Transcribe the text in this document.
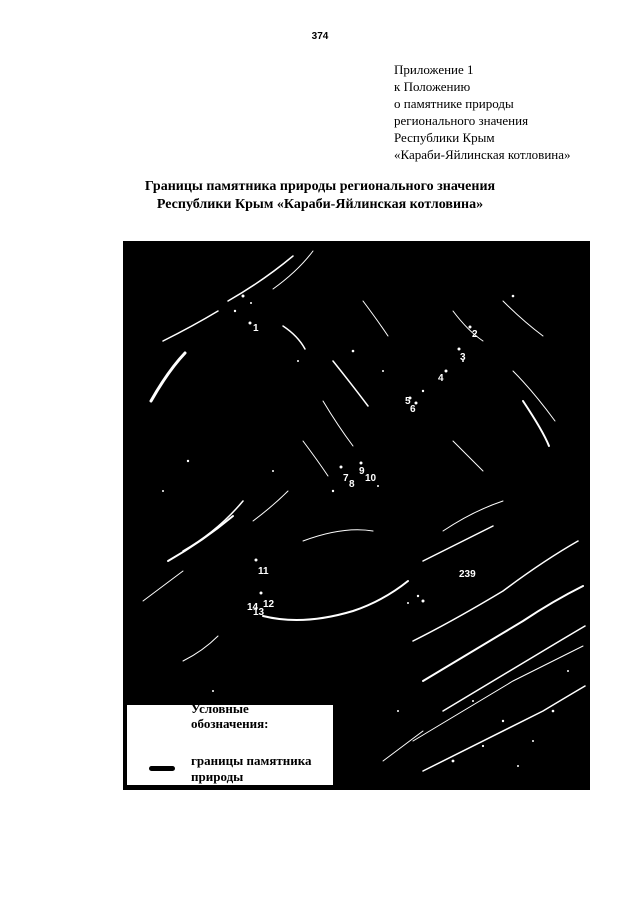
374
Приложение 1
к Положению
о памятнике природы
регионального значения
Республики Крым
«Караби-Яйлинская котловина»
Границы памятника природы регионального значения
Республики Крым «Караби-Яйлинская котловина»
1
2
3
4
5
6
7
8
9
10
11
12
13
14
239
Условные
обозначения:
границы памятника
природы
